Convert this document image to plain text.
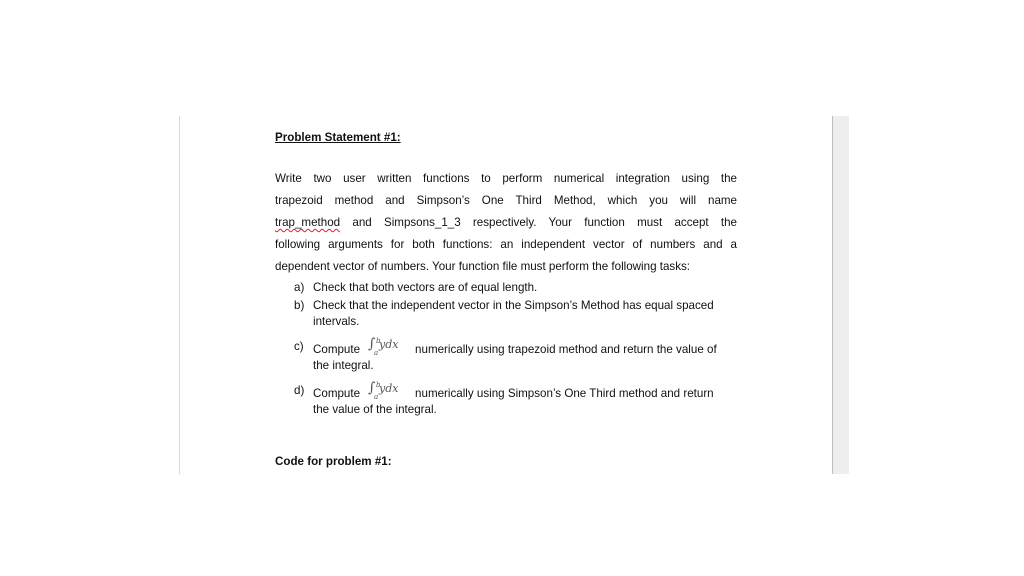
Problem Statement #1:
Write two user written functions to perform numerical integration using the
trapezoid method and Simpson’s One Third Method, which you will name
trap_method and Simpsons_1_3 respectively. Your function must accept the
following arguments for both functions: an independent vector of numbers and a
dependent vector of numbers. Your function file must perform the following tasks:
a) Check that both vectors are of equal length.
b) Check that the independent vector in the Simpson’s Method has equal spaced intervals.
c) Compute ∫ b
a
ydx numerically using trapezoid method and return the value of the integral.
d) Compute ∫ b
a
ydx numerically using Simpson’s One Third method and return the value of the integral.
Code for problem #1:
